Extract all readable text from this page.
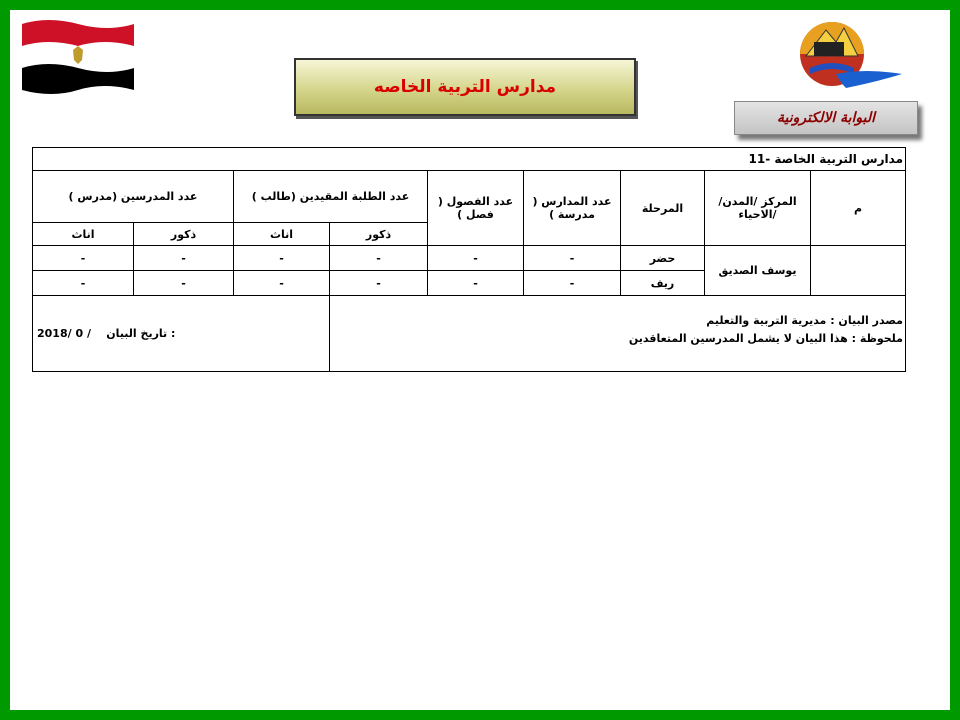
مدارس التربية الخاصه
البوابة الالكترونية
11- مدارس التربية الخاصة								
عدد المدرسين (مدرس )		عدد الطلبة المقيدين (طالب )		عدد الفصول ( فصل )	عدد المدارس ( مدرسة )	المرحلة	المركز /المدن/الاحياء/	م
اناث	ذكور	اناث	ذكور					
-	-	-	-	-	-	حضر	يوسف الصديق	
-	-	-	-	-	-	ريف		
2018/ 0 / تاريخ البيان :			مصدر البيان : مديرية التربية والتعليم
ملحوظة : هذا البيان لا يشمل المدرسين المتعاقدين					
